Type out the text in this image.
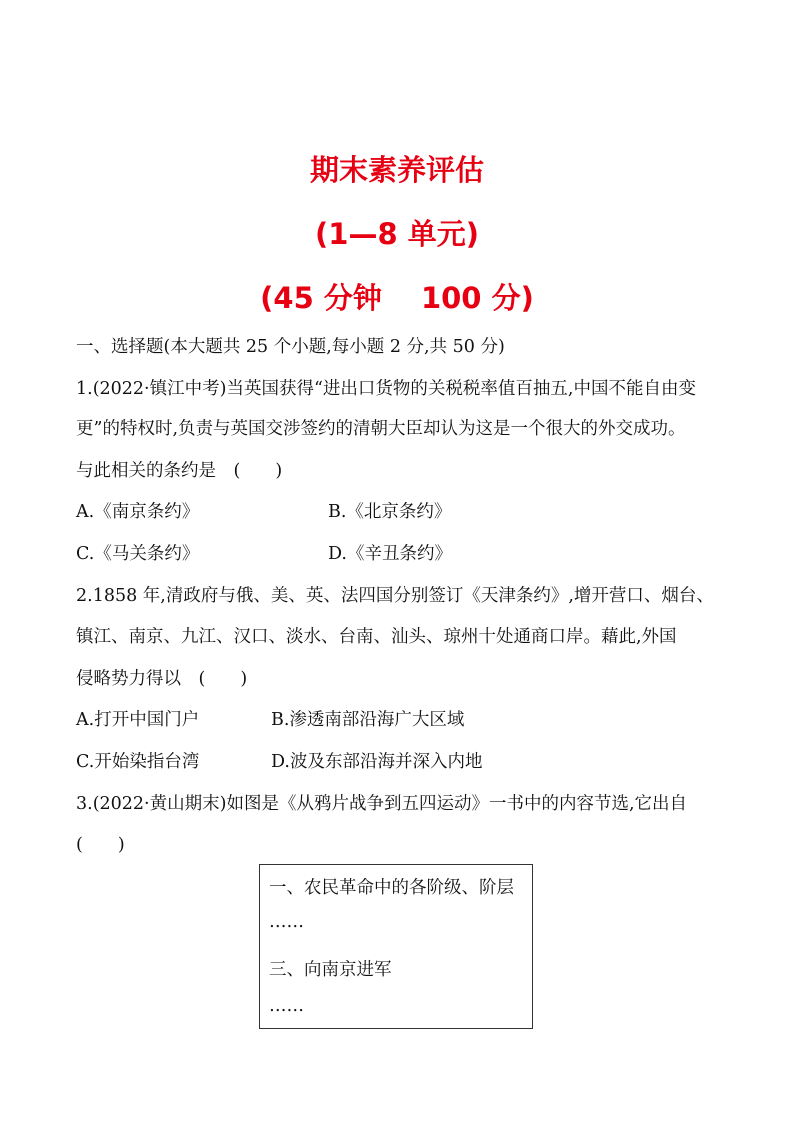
期末素养评估
(1—8 单元)
(45 分钟　 100 分)
一、选择题(本大题共 25 个小题,每小题 2 分,共 50 分)
1.(2022·镇江中考)当英国获得“进出口货物的关税税率值百抽五,中国不能自由变
更”的特权时,负责与英国交涉签约的清朝大臣却认为这是一个很大的外交成功。
与此相关的条约是　(　　)
A.《南京条约》	B.《北京条约》
C.《马关条约》	D.《辛丑条约》
2.1858 年,清政府与俄、美、英、法四国分别签订《天津条约》,增开营口、烟台、
镇江、南京、九江、汉口、淡水、台南、汕头、琼州十处通商口岸。藉此,外国
侵略势力得以　(　　)
A.打开中国门户	B.渗透南部沿海广大区域
C.开始染指台湾	D.波及东部沿海并深入内地
3.(2022·黄山期末)如图是《从鸦片战争到五四运动》一书中的内容节选,它出自
(　　)
一、农民革命中的各阶级、阶层
……
三、向南京进军
……
